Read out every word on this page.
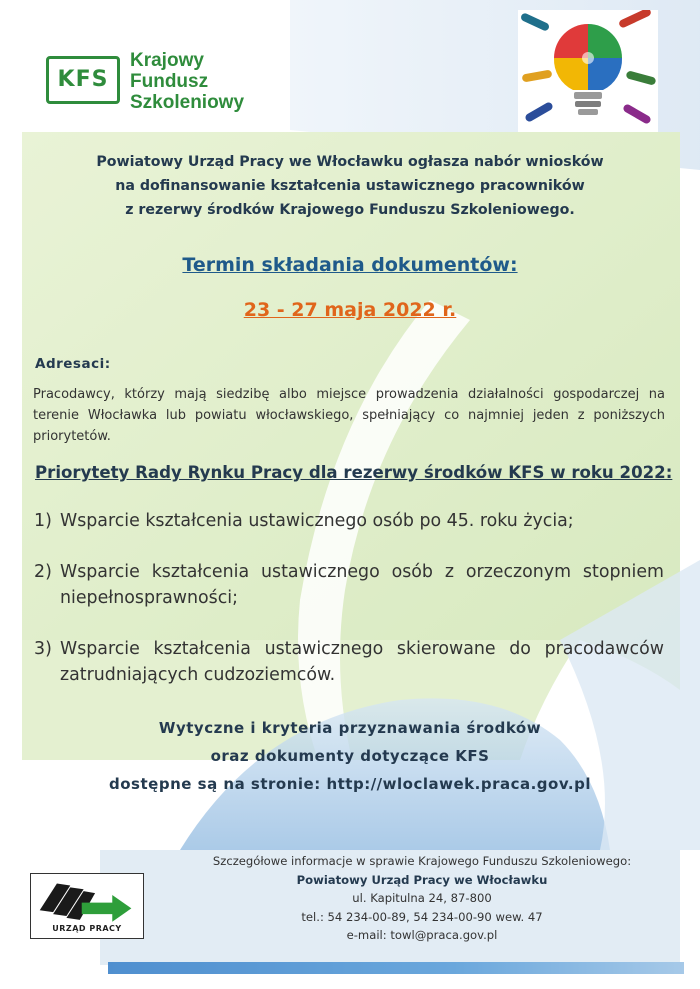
KFS
Krajowy
Fundusz
Szkoleniowy
Powiatowy Urząd Pracy we Włocławku ogłasza nabór wniosków
na dofinansowanie kształcenia ustawicznego pracowników
z rezerwy środków Krajowego Funduszu Szkoleniowego.
Termin składania dokumentów:
23 - 27 maja 2022 r.
Adresaci:
Pracodawcy, którzy mają siedzibę albo miejsce prowadzenia działalności gospodarczej na terenie Włocławka lub powiatu włocławskiego, spełniający co najmniej jeden z poniższych priorytetów.
Priorytety Rady Rynku Pracy dla rezerwy środków KFS w roku 2022:
1) Wsparcie kształcenia ustawicznego osób po 45. roku życia;
2) Wsparcie kształcenia ustawicznego osób z orzeczonym stopniem niepełnosprawności;
3) Wsparcie kształcenia ustawicznego skierowane do pracodawców zatrudniających cudzoziemców.
Wytyczne i kryteria przyznawania środków
oraz dokumenty dotyczące KFS
dostępne są na stronie: http://wloclawek.praca.gov.pl
URZĄD PRACY
Szczegółowe informacje w sprawie Krajowego Funduszu Szkoleniowego:
Powiatowy Urząd Pracy we Włocławku
ul. Kapitulna 24, 87-800
tel.: 54 234-00-89, 54 234-00-90 wew. 47
e-mail: towl@praca.gov.pl
